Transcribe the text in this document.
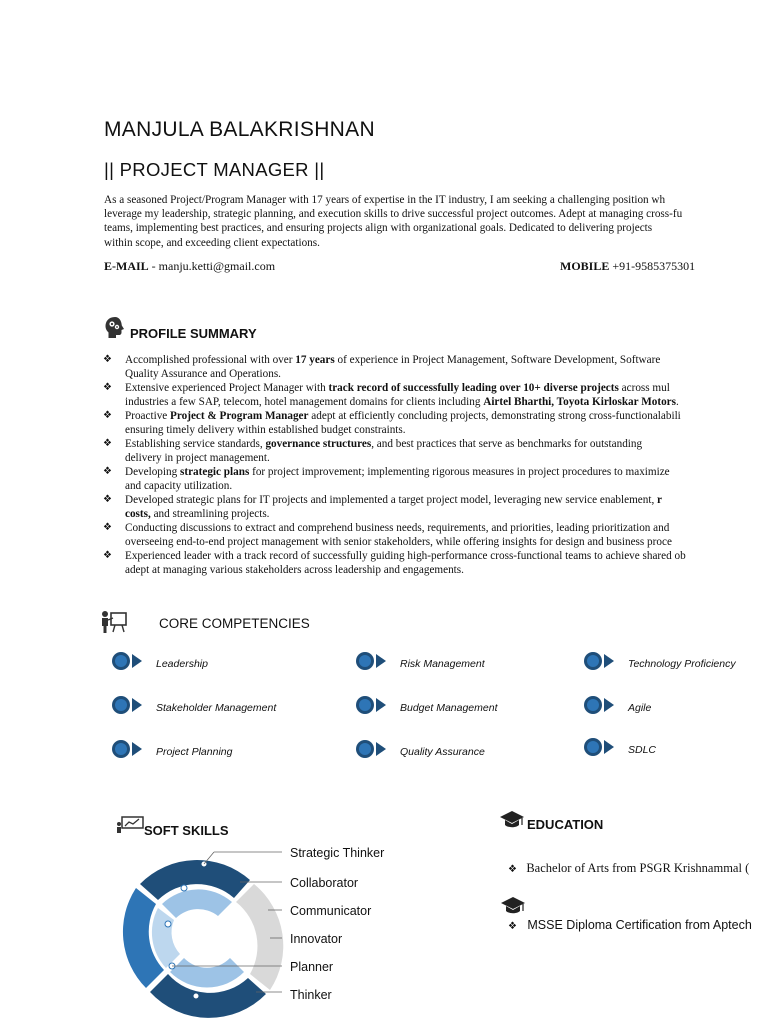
MANJULA BALAKRISHNAN
|| PROJECT MANAGER ||
As a seasoned Project/Program Manager with 17 years of expertise in the IT industry, I am seeking a challenging position wh
leverage my leadership, strategic planning, and execution skills to drive successful project outcomes. Adept at managing cross-fu
teams, implementing best practices, and ensuring projects align with organizational goals. Dedicated to delivering projects
within scope, and exceeding client expectations.
E-MAIL - manju.ketti@gmail.com	MOBILE +91-9585375301
PROFILE SUMMARY
❖ Accomplished professional with over 17 years of experience in Project Management, Software Development, Software
Quality Assurance and Operations.
❖ Extensive experienced Project Manager with track record of successfully leading over 10+ diverse projects across mul
industries a few SAP, telecom, hotel management domains for clients including Airtel Bharthi, Toyota Kirloskar Motors.
❖ Proactive Project & Program Manager adept at efficiently concluding projects, demonstrating strong cross-functionalabili
ensuring timely delivery within established budget constraints.
❖ Establishing service standards, governance structures, and best practices that serve as benchmarks for outstanding
delivery in project management.
❖ Developing strategic plans for project improvement; implementing rigorous measures in project procedures to maximize
and capacity utilization.
❖ Developed strategic plans for IT projects and implemented a target project model, leveraging new service enablement, r
costs, and streamlining projects.
❖ Conducting discussions to extract and comprehend business needs, requirements, and priorities, leading prioritization and
overseeing end-to-end project management with senior stakeholders, while offering insights for design and business proce
❖ Experienced leader with a track record of successfully guiding high-performance cross-functional teams to achieve shared ob
adept at managing various stakeholders across leadership and engagements.
CORE COMPETENCIES
Leadership	Risk Management	Technology Proficiency
Stakeholder Management	Budget Management	Agile
Project Planning	Quality Assurance	SDLC
SOFT SKILLS
Strategic Thinker
Collaborator
Communicator
Innovator
Planner
Thinker
EDUCATION
❖ Bachelor of Arts from PSGR Krishnammal (
❖ MSSE Diploma Certification from Aptech
